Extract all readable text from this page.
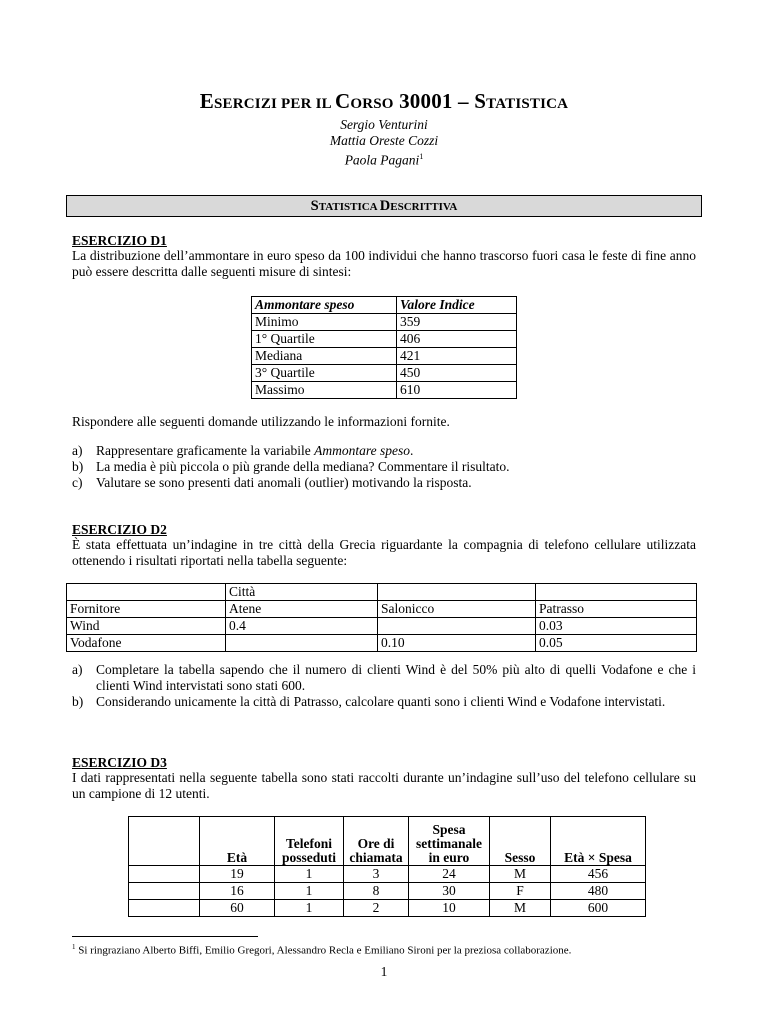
ESERCIZI PER IL CORSO 30001 – STATISTICA
Sergio Venturini
Mattia Oreste Cozzi
Paola Pagani$^1$
STATISTICA DESCRITTIVA
ESERCIZIO D1
La distribuzione dell’ammontare in euro speso da 100 individui che hanno trascorso fuori casa le feste di fine anno può essere descritta dalle seguenti misure di sintesi:
Ammontare speso	Valore Indice
Minimo	359
1° Quartile	406
Mediana	421
3° Quartile	450
Massimo	610
Rispondere alle seguenti domande utilizzando le informazioni fornite.
a)	Rappresentare graficamente la variabile Ammontare speso.
b) La media è più piccola o più grande della mediana? Commentare il risultato.
c)	Valutare se sono presenti dati anomali (outlier) motivando la risposta.
ESERCIZIO D2
È stata effettuata un’indagine in tre città della Grecia riguardante la compagnia di telefono cellulare utilizzata ottenendo i risultati riportati nella tabella seguente:
	Città		
Fornitore	Atene	Salonicco	Patrasso
Wind	0.4		0.03
Vodafone		0.10	0.05
a)	Completare la tabella sapendo che il numero di clienti Wind è del 50% più alto di quelli Vodafone e che i clienti Wind intervistati sono stati 600.
b) Considerando unicamente la città di Patrasso, calcolare quanti sono i clienti Wind e Vodafone intervistati.
ESERCIZIO D3
I dati rappresentati nella seguente tabella sono stati raccolti durante un’indagine sull’uso del telefono cellulare su un campione di 12 utenti.
	Età	Telefoni posseduti	Ore di chiamata	Spesa settimanale in euro	Sesso	Età × Spesa
	19	1	3	24	M	456
	16	1	8	30	F	480
	60	1	2	10	M	600
$^1$ Si ringraziano Alberto Biffi, Emilio Gregori, Alessandro Recla e Emiliano Sironi per la preziosa collaborazione.
1
